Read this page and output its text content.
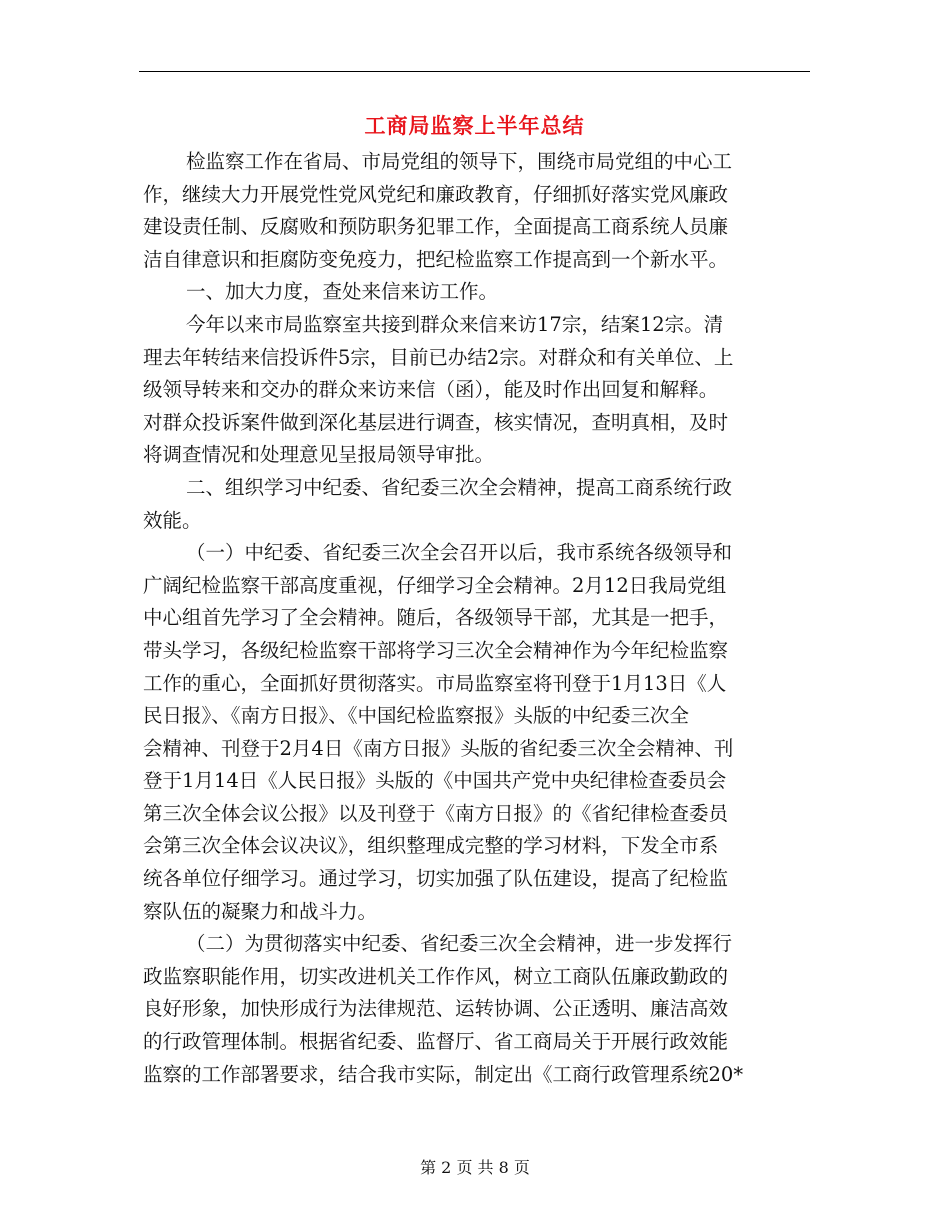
工商局监察上半年总结
检监察工作在省局、市局党组的领导下，围绕市局党组的中心工
作，继续大力开展党性党风党纪和廉政教育，仔细抓好落实党风廉政
建设责任制、反腐败和预防职务犯罪工作，全面提高工商系统人员廉
洁自律意识和拒腐防变免疫力，把纪检监察工作提高到一个新水平。
一、加大力度，查处来信来访工作。
今年以来市局监察室共接到群众来信来访17宗，结案12宗。清
理去年转结来信投诉件5宗，目前已办结2宗。对群众和有关单位、上
级领导转来和交办的群众来访来信（函），能及时作出回复和解释。
对群众投诉案件做到深化基层进行调查，核实情况，查明真相，及时
将调查情况和处理意见呈报局领导审批。
二、组织学习中纪委、省纪委三次全会精神，提高工商系统行政
效能。
（一）中纪委、省纪委三次全会召开以后，我市系统各级领导和
广阔纪检监察干部高度重视，仔细学习全会精神。2月12日我局党组
中心组首先学习了全会精神。随后，各级领导干部，尤其是一把手，
带头学习，各级纪检监察干部将学习三次全会精神作为今年纪检监察
工作的重心，全面抓好贯彻落实。市局监察室将刊登于1月13日《人
民日报》、《南方日报》、《中国纪检监察报》头版的中纪委三次全
会精神、刊登于2月4日《南方日报》头版的省纪委三次全会精神、刊
登于1月14日《人民日报》头版的《中国共产党中央纪律检查委员会
第三次全体会议公报》以及刊登于《南方日报》的《省纪律检查委员
会第三次全体会议决议》，组织整理成完整的学习材料，下发全市系
统各单位仔细学习。通过学习，切实加强了队伍建设，提高了纪检监
察队伍的凝聚力和战斗力。
（二）为贯彻落实中纪委、省纪委三次全会精神，进一步发挥行
政监察职能作用，切实改进机关工作作风，树立工商队伍廉政勤政的
良好形象，加快形成行为法律规范、运转协调、公正透明、廉洁高效
的行政管理体制。根据省纪委、监督厅、省工商局关于开展行政效能
监察的工作部署要求，结合我市实际，制定出《工商行政管理系统20*
第 2 页 共 8 页
